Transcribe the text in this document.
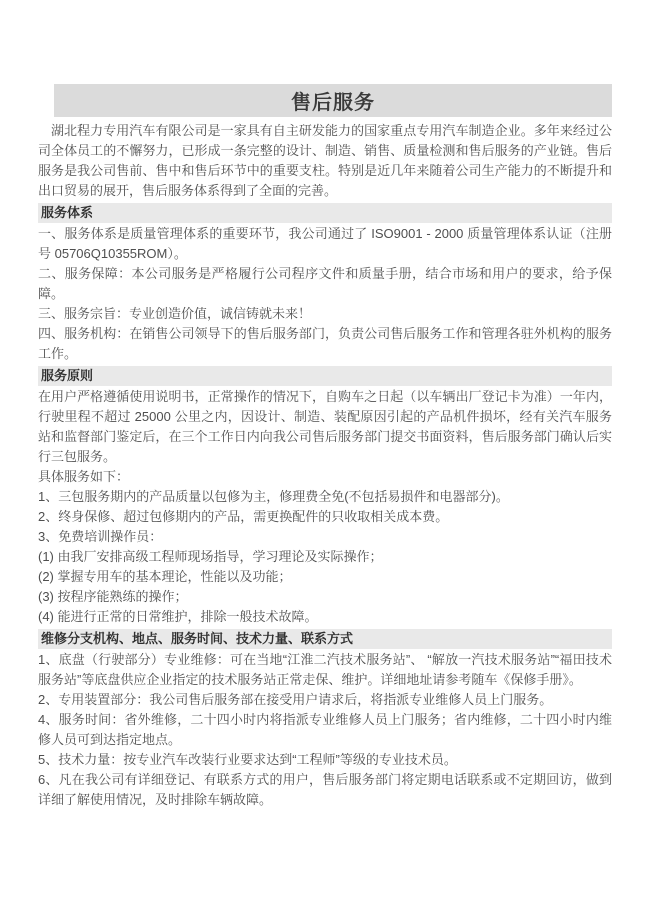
售后服务

湖北程力专用汽车有限公司是一家具有自主研发能力的国家重点专用汽车制造企业。多年来经过公司全体员工的不懈努力，已形成一条完整的设计、制造、销售、质量检测和售后服务的产业链。售后服务是我公司售前、售中和售后环节中的重要支柱。特别是近几年来随着公司生产能力的不断提升和出口贸易的展开，售后服务体系得到了全面的完善。

服务体系

一、服务体系是质量管理体系的重要环节，我公司通过了 ISO9001 - 2000 质量管理体系认证（注册号 05706Q10355ROM）。

二、服务保障：本公司服务是严格履行公司程序文件和质量手册，结合市场和用户的要求，给予保障。

三、服务宗旨：专业创造价值，诚信铸就未来！

四、服务机构：在销售公司领导下的售后服务部门，负责公司售后服务工作和管理各驻外机构的服务工作。

服务原则

在用户严格遵循使用说明书，正常操作的情况下，自购车之日起（以车辆出厂登记卡为准）一年内，行驶里程不超过 25000 公里之内，因设计、制造、装配原因引起的产品机件损坏，经有关汽车服务站和监督部门鉴定后，在三个工作日内向我公司售后服务部门提交书面资料，售后服务部门确认后实行三包服务。

具体服务如下：

1、三包服务期内的产品质量以包修为主，修理费全免(不包括易损件和电器部分)。

2、终身保修、超过包修期内的产品，需更换配件的只收取相关成本费。

3、免费培训操作员：

(1) 由我厂安排高级工程师现场指导，学习理论及实际操作；

(2) 掌握专用车的基本理论，性能以及功能；

(3) 按程序能熟练的操作；

(4) 能进行正常的日常维护，排除一般技术故障。

维修分支机构、地点、服务时间、技术力量、联系方式

1、底盘（行驶部分）专业维修：可在当地“江淮二汽技术服务站”、 “解放一汽技术服务站”“福田技术服务站”等底盘供应企业指定的技术服务站正常走保、维护。详细地址请参考随车《保修手册》。

2、专用装置部分：我公司售后服务部在接受用户请求后，将指派专业维修人员上门服务。

4、服务时间：省外维修，二十四小时内将指派专业维修人员上门服务；省内维修，二十四小时内维修人员可到达指定地点。

5、技术力量：按专业汽车改装行业要求达到“工程师”等级的专业技术员。

6、凡在我公司有详细登记、有联系方式的用户，售后服务部门将定期电话联系或不定期回访，做到详细了解使用情况，及时排除车辆故障。
